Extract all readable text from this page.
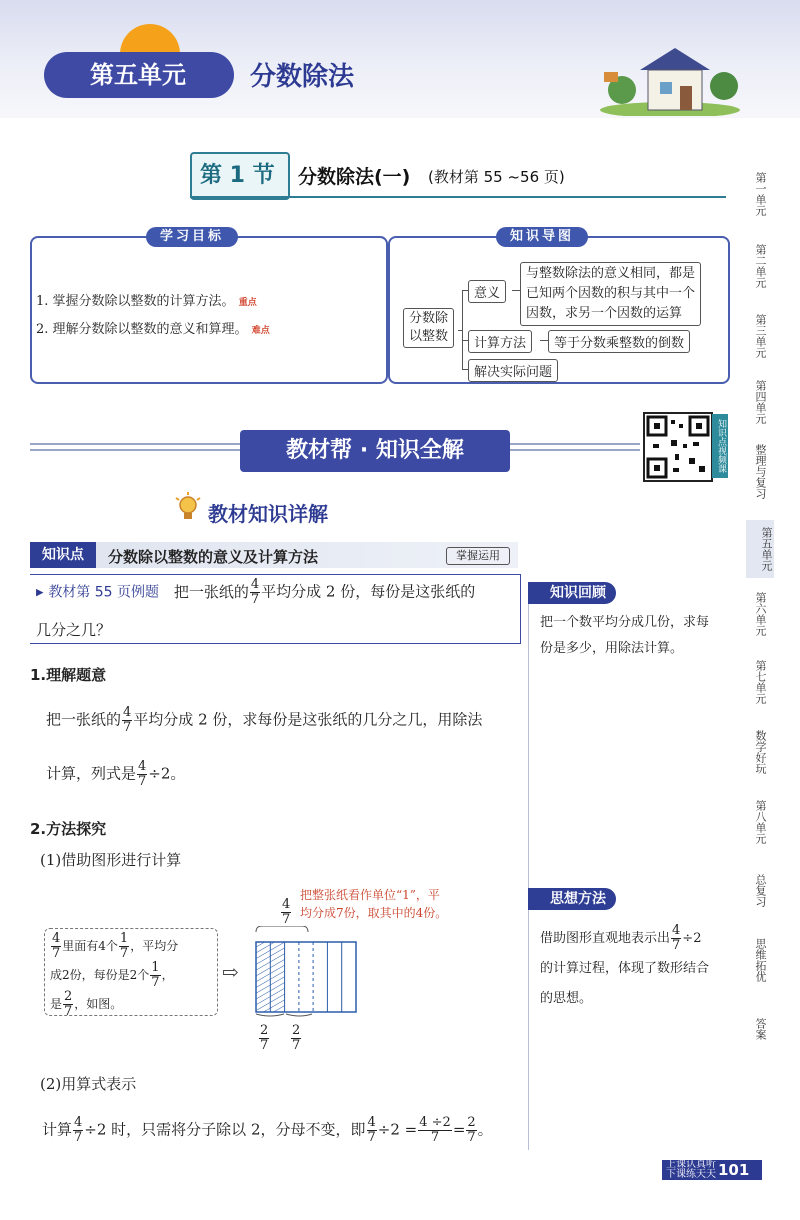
第五单元	分数除法
第 1 节 分数除法(一) (教材第 55 ~56 页)
学习目标
1. 掌握分数除以整数的计算方法。 重点
2. 理解分数除以整数的意义和算理。 难点
知识导图
分数除
以整数
意义
计算方法
解决实际问题
与整数除法的意义相同，都是
已知两个因数的积与其中一个
因数，求另一个因数的运算
等于分数乘整数的倒数
教材帮 · 知识全解	知识点视频课
教材知识详解
知识点	分数除以整数的意义及计算方法	掌握运用
▸ 教材第 55 页例题 把一张纸的 $\frac{4}{7}$ 平均分成 2 份，每份是这张纸的
几分之几？
1.理解题意
把一张纸的 $\frac{4}{7}$ 平均分成 2 份，求每份是这张纸的几分之几，用除法
计算，列式是 $\frac{4}{7} \div 2$。
2.方法探究
(1)借助图形进行计算
$\frac{4}{7}$ 里面有4个 $\frac{1}{7}$ ，平均分
成2份，每份是2个 $\frac{1}{7}$ ，
是 $\frac{2}{7}$ ，如图。
⇨
$\frac{4}{7}$
$\frac{2}{7} \frac{2}{7}$
把整张纸看作单位“1”，平
均分成7份，取其中的4份。
(2)用算式表示
计算 $\frac{4}{7} \div 2$ 时，只需将分子除以 2，分母不变，即 $\frac{4}{7} \div 2 = \frac{4 \div 2}{7} = \frac{2}{7}$ 。
知识回顾
把一个数平均分成几份，求每
份是多少，用除法计算。
思想方法
借助图形直观地表示出 $\frac{4}{7} \div 2$
的计算过程，体现了数形结合
的思想。
第一单元
第二单元
第三单元
第四单元
整理与复习
第五单元
第六单元
第七单元
数学好玩
第八单元
总复习
思维拓优
答案
上课认真听
下课练天天 101
